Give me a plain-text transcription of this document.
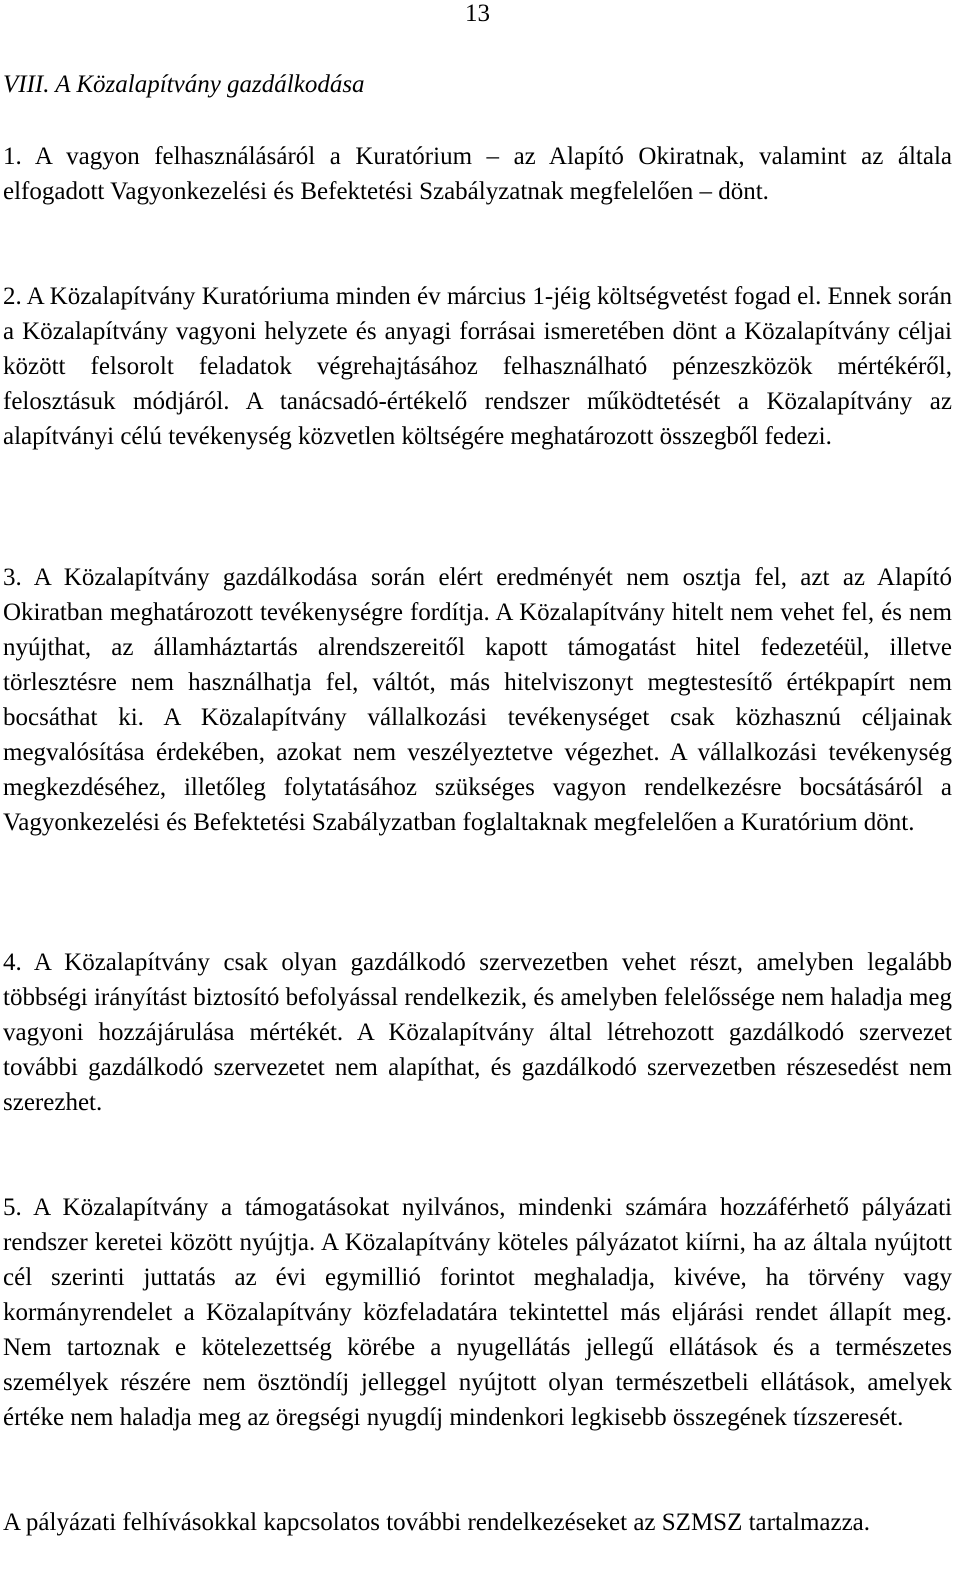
13
VIII. A Közalapítvány gazdálkodása

1. A vagyon felhasználásáról a Kuratórium – az Alapító Okiratnak, valamint az általa elfogadott Vagyonkezelési és Befektetési Szabályzatnak megfelelően – dönt.

2. A Közalapítvány Kuratóriuma minden év március 1-jéig költségvetést fogad el. Ennek során a Közalapítvány vagyoni helyzete és anyagi forrásai ismeretében dönt a Közalapítvány céljai között felsorolt feladatok végrehajtásához felhasználható pénzeszközök mértékéről, felosztásuk módjáról. A tanácsadó-értékelő rendszer működtetését a Közalapítvány az alapítványi célú tevékenység közvetlen költségére meghatározott összegből fedezi.

3. A Közalapítvány gazdálkodása során elért eredményét nem osztja fel, azt az Alapító Okiratban meghatározott tevékenységre fordítja. A Közalapítvány hitelt nem vehet fel, és nem nyújthat, az államháztartás alrendszereitől kapott támogatást hitel fedezetéül, illetve törlesztésre nem használhatja fel, váltót, más hitelviszonyt megtestesítő értékpapírt nem bocsáthat ki. A Közalapítvány vállalkozási tevékenységet csak közhasznú céljainak megvalósítása érdekében, azokat nem veszélyeztetve végezhet. A vállalkozási tevékenység megkezdéséhez, illetőleg folytatásához szükséges vagyon rendelkezésre bocsátásáról a Vagyonkezelési és Befektetési Szabályzatban foglaltaknak megfelelően a Kuratórium dönt.

4. A Közalapítvány csak olyan gazdálkodó szervezetben vehet részt, amelyben legalább többségi irányítást biztosító befolyással rendelkezik, és amelyben felelőssége nem haladja meg vagyoni hozzájárulása mértékét. A Közalapítvány által létrehozott gazdálkodó szervezet további gazdálkodó szervezetet nem alapíthat, és gazdálkodó szervezetben részesedést nem szerezhet.

5. A Közalapítvány a támogatásokat nyilvános, mindenki számára hozzáférhető pályázati rendszer keretei között nyújtja. A Közalapítvány köteles pályázatot kiírni, ha az általa nyújtott cél szerinti juttatás az évi egymillió forintot meghaladja, kivéve, ha törvény vagy kormányrendelet a Közalapítvány közfeladatára tekintettel más eljárási rendet állapít meg. Nem tartoznak e kötelezettség körébe a nyugellátás jellegű ellátások és a természetes személyek részére nem ösztöndíj jelleggel nyújtott olyan természetbeli ellátások, amelyek értéke nem haladja meg az öregségi nyugdíj mindenkori legkisebb összegének tízszeresét.

A pályázati felhívásokkal kapcsolatos további rendelkezéseket az SZMSZ tartalmazza.
